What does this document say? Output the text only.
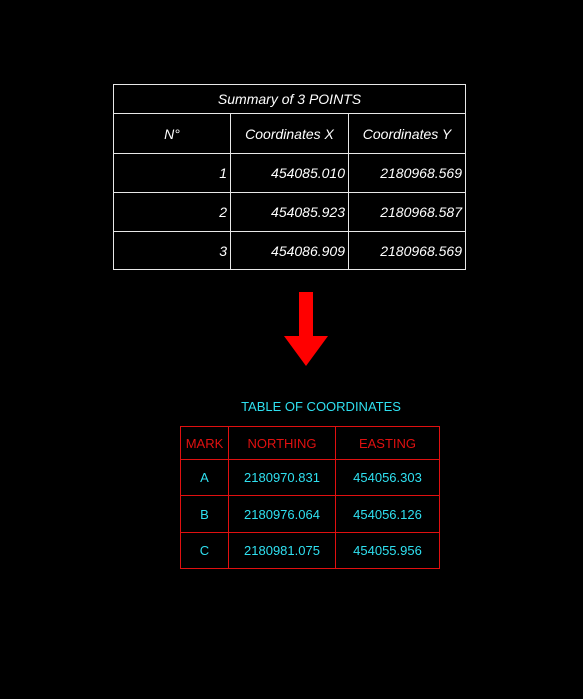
Summary of 3 POINTS
N°	Coordinates X	Coordinates Y
1	454085.010	2180968.569
2	454085.923	2180968.587
3	454086.909	2180968.569
TABLE OF COORDINATES
MARK	NORTHING	EASTING
A	2180970.831	454056.303
B	2180976.064	454056.126
C	2180981.075	454055.956
